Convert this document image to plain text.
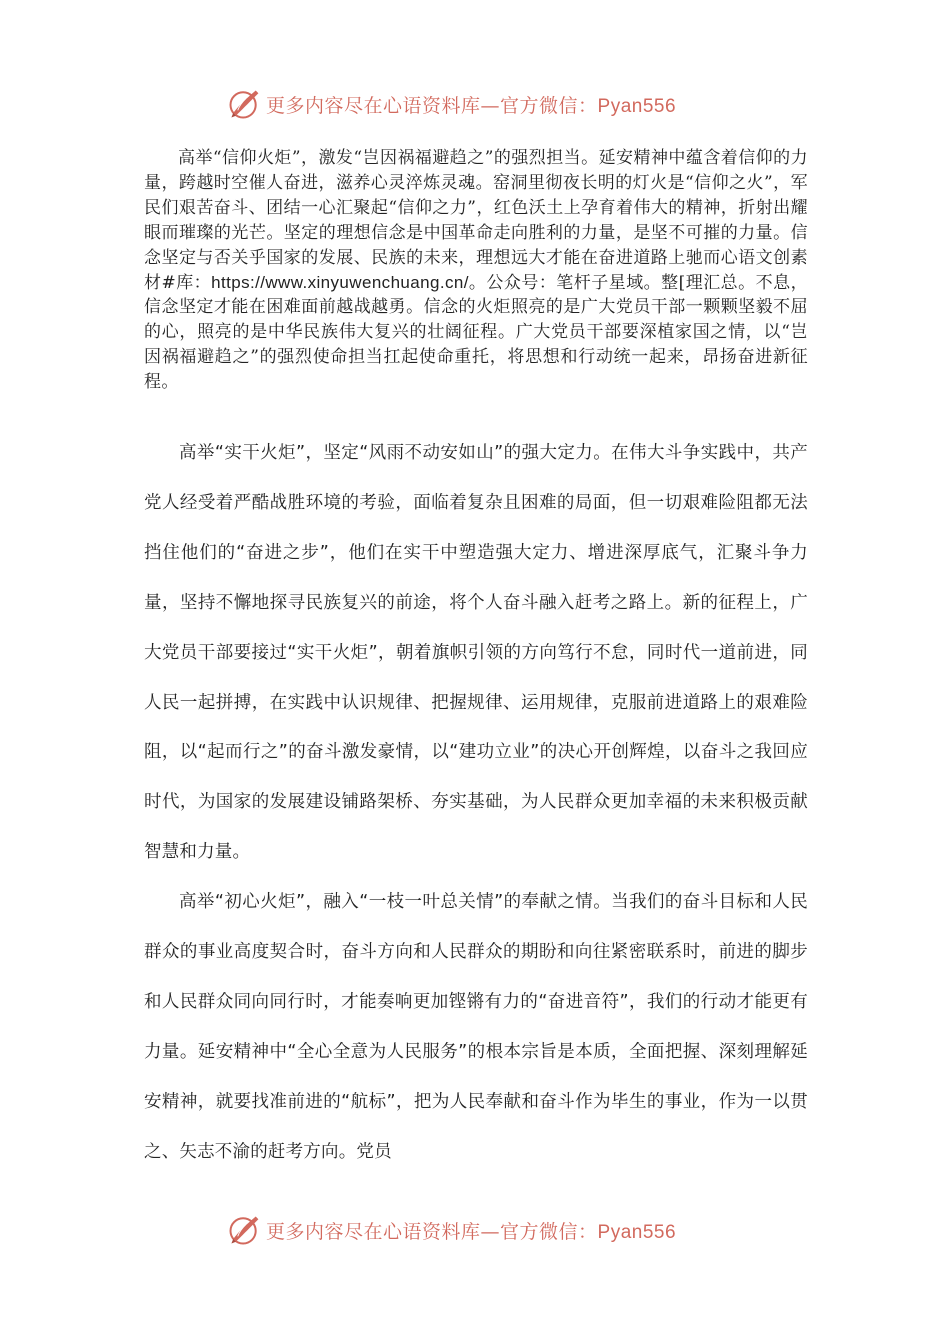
更多内容尽在心语资料库—官方微信：Pyan556

高举“信仰火炬”，激发“岂因祸福避趋之”的强烈担当。延安精神中蕴含着信仰的力量，跨越时空催人奋进，滋养心灵淬炼灵魂。窑洞里彻夜长明的灯火是“信仰之火”，军民们艰苦奋斗、团结一心汇聚起“信仰之力”，红色沃土上孕育着伟大的精神，折射出耀眼而璀璨的光芒。坚定的理想信念是中国革命走向胜利的力量，是坚不可摧的力量。信念坚定与否关乎国家的发展、民族的未来，理想远大才能在奋进道路上驰而心语文创素材#库：https://www.xinyuwenchuang.cn/。公众号：笔杆子星域。整[理汇总。不息，信念坚定才能在困难面前越战越勇。信念的火炬照亮的是广大党员干部一颗颗坚毅不屈的心，照亮的是中华民族伟大复兴的壮阔征程。广大党员干部要深植家国之情，以“岂因祸福避趋之”的强烈使命担当扛起使命重托，将思想和行动统一起来，昂扬奋进新征程。

高举“实干火炬”，坚定“风雨不动安如山”的强大定力。在伟大斗争实践中，共产党人经受着严酷战胜环境的考验，面临着复杂且困难的局面，但一切艰难险阻都无法挡住他们的“奋进之步”，他们在实干中塑造强大定力、增进深厚底气，汇聚斗争力量，坚持不懈地探寻民族复兴的前途，将个人奋斗融入赶考之路上。新的征程上，广大党员干部要接过“实干火炬”，朝着旗帜引领的方向笃行不怠，同时代一道前进，同人民一起拼搏，在实践中认识规律、把握规律、运用规律，克服前进道路上的艰难险阻，以“起而行之”的奋斗激发豪情，以“建功立业”的决心开创辉煌，以奋斗之我回应时代，为国家的发展建设铺路架桥、夯实基础，为人民群众更加幸福的未来积极贡献智慧和力量。

高举“初心火炬”，融入“一枝一叶总关情”的奉献之情。当我们的奋斗目标和人民群众的事业高度契合时，奋斗方向和人民群众的期盼和向往紧密联系时，前进的脚步和人民群众同向同行时，才能奏响更加铿锵有力的“奋进音符”，我们的行动才能更有力量。延安精神中“全心全意为人民服务”的根本宗旨是本质，全面把握、深刻理解延安精神，就要找准前进的“航标”，把为人民奉献和奋斗作为毕生的事业，作为一以贯之、矢志不渝的赶考方向。党员

更多内容尽在心语资料库—官方微信：Pyan556
